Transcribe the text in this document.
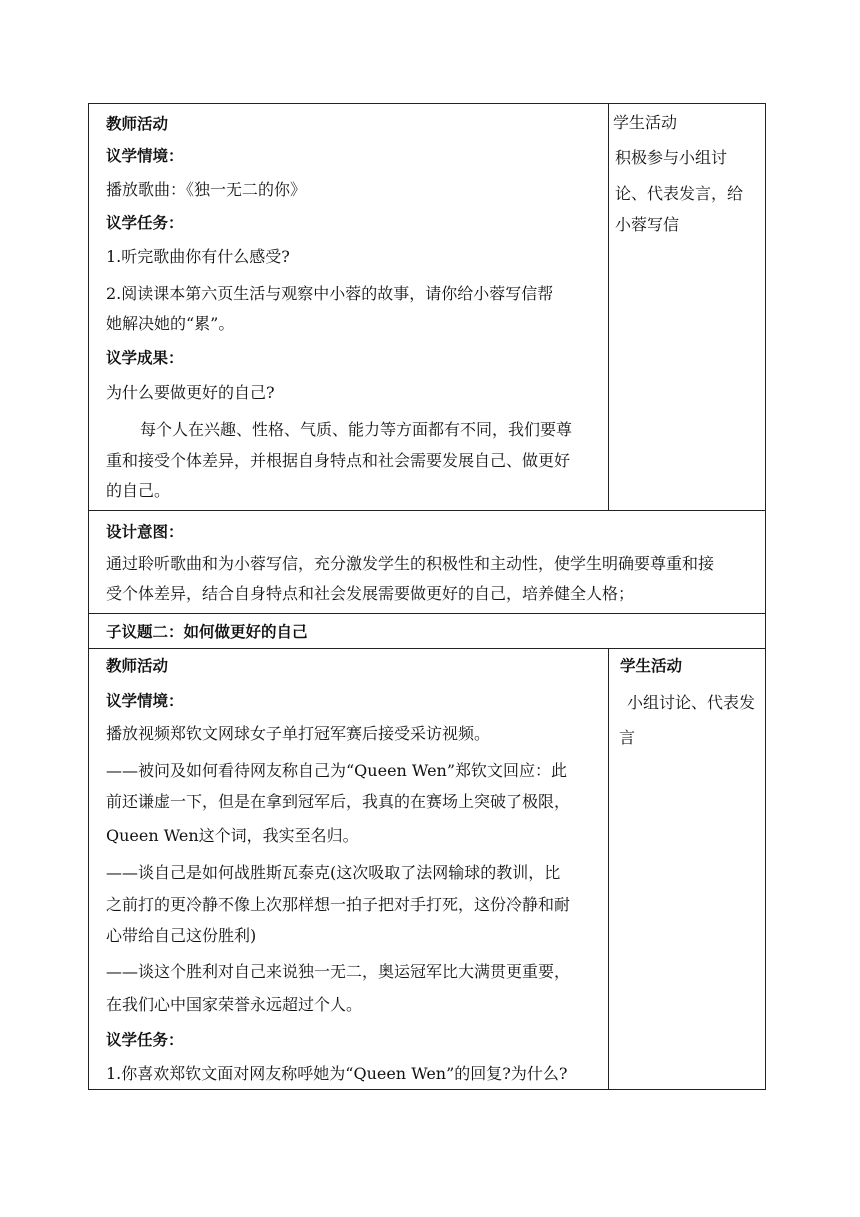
教师活动
议学情境：
播放歌曲：《独一无二的你》
议学任务：
1.听完歌曲你有什么感受?
2.阅读课本第六页生活与观察中小蓉的故事，请你给小蓉写信帮
她解决她的“累”。
议学成果：
为什么要做更好的自己?
每个人在兴趣、性格、气质、能力等方面都有不同，我们要尊
重和接受个体差异，并根据自身特点和社会需要发展自己、做更好
的自己。
学生活动
积极参与小组讨
论、代表发言，给
小蓉写信
设计意图：
通过聆听歌曲和为小蓉写信，充分激发学生的积极性和主动性，使学生明确要尊重和接
受个体差异，结合自身特点和社会发展需要做更好的自己，培养健全人格；
子议题二：如何做更好的自己
教师活动
议学情境：
播放视频郑钦文网球女子单打冠军赛后接受采访视频。
——被问及如何看待网友称自己为“Queen Wen”郑钦文回应：此
前还谦虚一下，但是在拿到冠军后，我真的在赛场上突破了极限，
Queen Wen这个词，我实至名归。
——谈自己是如何战胜斯瓦泰克(这次吸取了法网输球的教训，比
之前打的更冷静不像上次那样想一拍子把对手打死，这份冷静和耐
心带给自己这份胜利)
——谈这个胜利对自己来说独一无二，奥运冠军比大满贯更重要，
在我们心中国家荣誉永远超过个人。
议学任务：
1.你喜欢郑钦文面对网友称呼她为“Queen Wen”的回复?为什么?
学生活动
小组讨论、代表发
言
